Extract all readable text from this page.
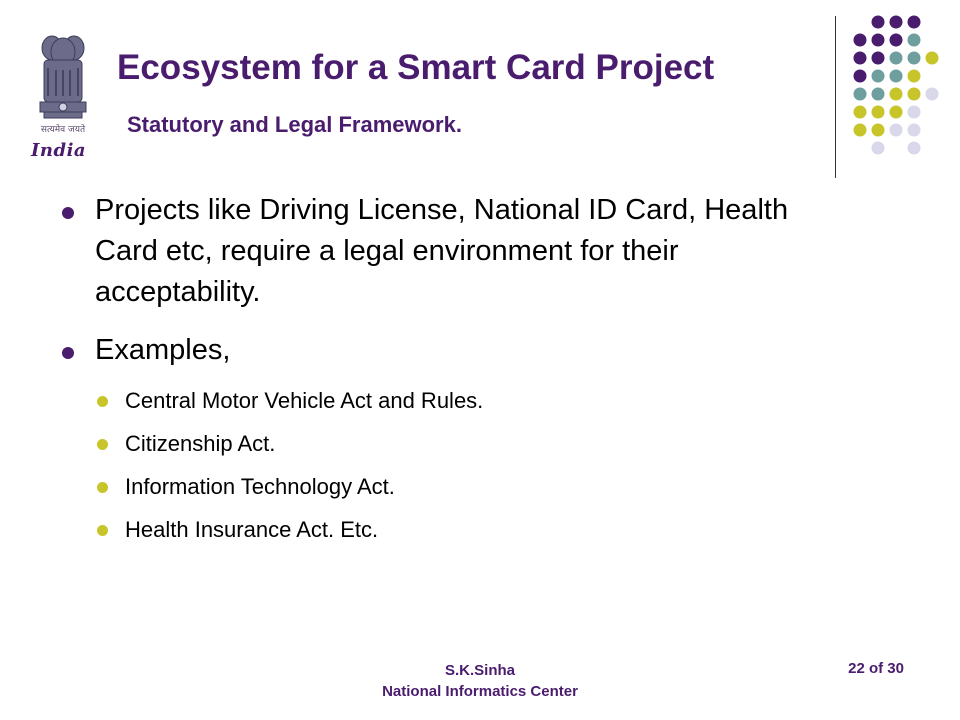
सत्यमेव जयते
India
Ecosystem for a Smart Card Project
Statutory and Legal Framework.
Projects like Driving License, National ID Card, Health Card etc, require a legal environment for their acceptability.
Examples,
Central Motor Vehicle Act and Rules.
Citizenship Act.
Information Technology Act.
Health Insurance Act. Etc.
S.K.Sinha
National Informatics Center
22 of 30
